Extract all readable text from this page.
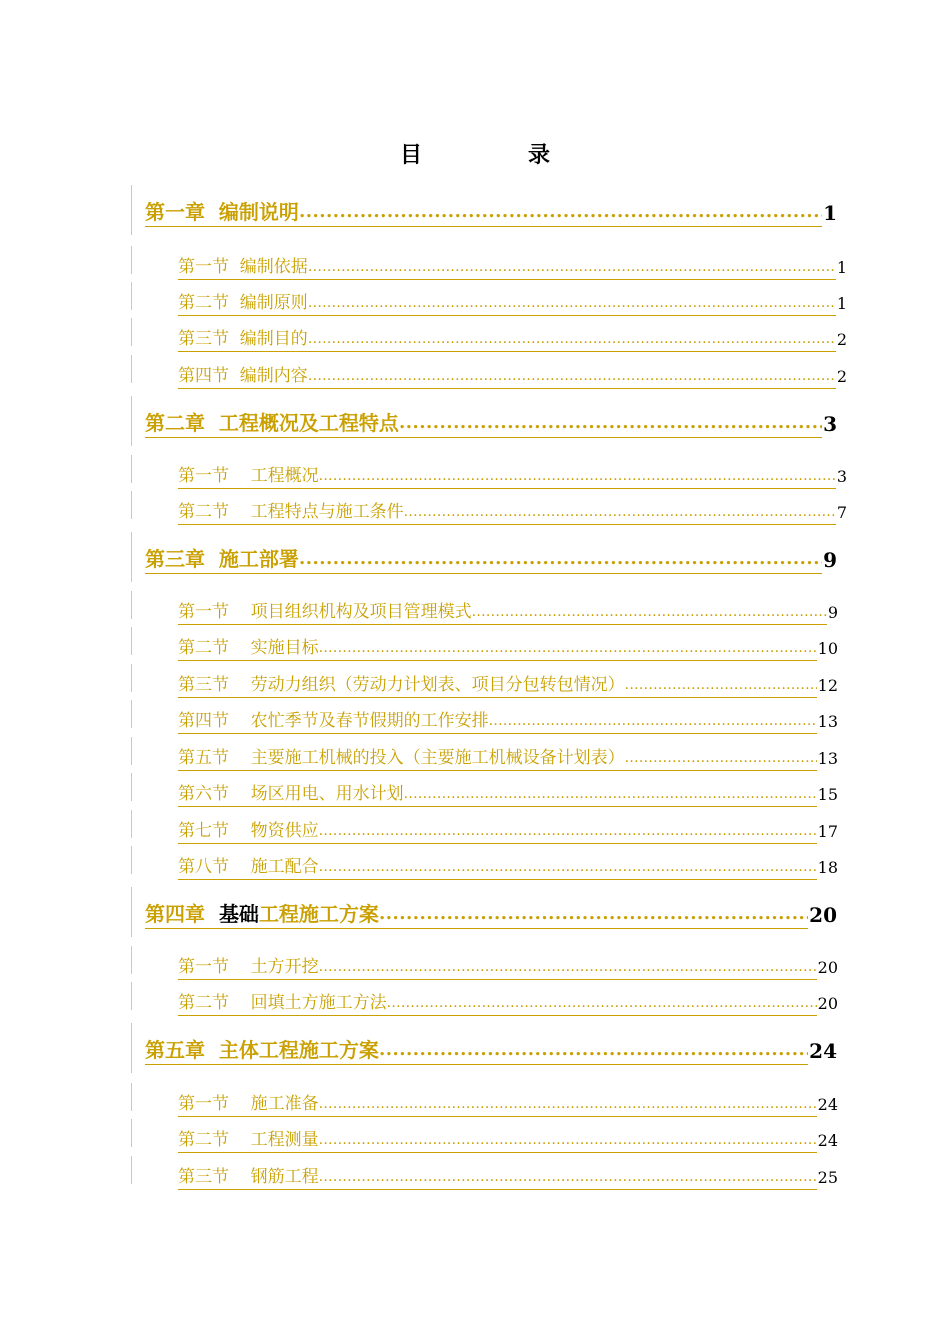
目　录
第一章  编制说明 .....	1
第一节  编制依据 .....	1
第二节  编制原则 .....	1
第三节  编制目的 .....	2
第四节  编制内容 .....	2
第二章  工程概况及工程特点 .....	3
第一节    工程概况 .....	3
第二节    工程特点与施工条件 .....	7
第三章  施工部署 .....	9
第一节    项目组织机构及项目管理模式 .....	9
第二节    实施目标 .....	10
第三节    劳动力组织（劳动力计划表、项目分包转包情况） .....	12
第四节    农忙季节及春节假期的工作安排 .....	13
第五节    主要施工机械的投入（主要施工机械设备计划表） .....	13
第六节    场区用电、用水计划 .....	15
第七节    物资供应 .....	17
第八节    施工配合 .....	18
第四章  基础工程施工方案 .....	20
第一节    土方开挖 .....	20
第二节    回填土方施工方法 .....	20
第五章  主体工程施工方案 .....	24
第一节    施工准备 .....	24
第二节    工程测量 .....	24
第三节    钢筋工程 .....	25
